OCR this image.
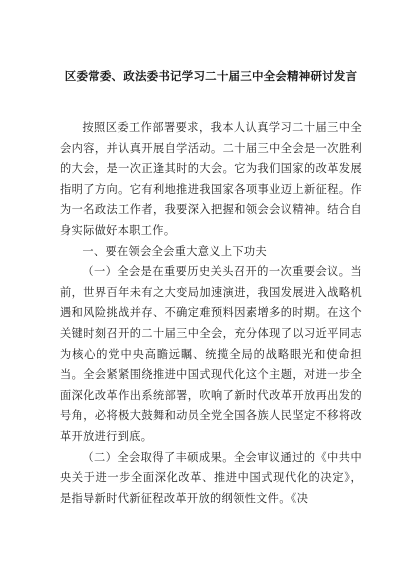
区委常委、政法委书记学习二十届三中全会精神研讨发言

按照区委工作部署要求，我本人认真学习二十届三中全会内容，并认真开展自学活动。二十届三中全会是一次胜利的大会，是一次正逢其时的大会。它为我们国家的改革发展指明了方向。它有利地推进我国家各项事业迈上新征程。作为一名政法工作者，我要深入把握和领会会议精神。结合自身实际做好本职工作。

一、要在领会全会重大意义上下功夫

（一）全会是在重要历史关头召开的一次重要会议。当前，世界百年未有之大变局加速演进，我国发展进入战略机遇和风险挑战并存、不确定难预料因素增多的时期。在这个关键时刻召开的二十届三中全会，充分体现了以习近平同志为核心的党中央高瞻远瞩、统揽全局的战略眼光和使命担当。全会紧紧围绕推进中国式现代化这个主题，对进一步全面深化改革作出系统部署，吹响了新时代改革开放再出发的号角，必将极大鼓舞和动员全党全国各族人民坚定不移将改革开放进行到底。

（二）全会取得了丰硕成果。全会审议通过的《中共中央关于进一步全面深化改革、推进中国式现代化的决定》，是指导新时代新征程改革开放的纲领性文件。《决
